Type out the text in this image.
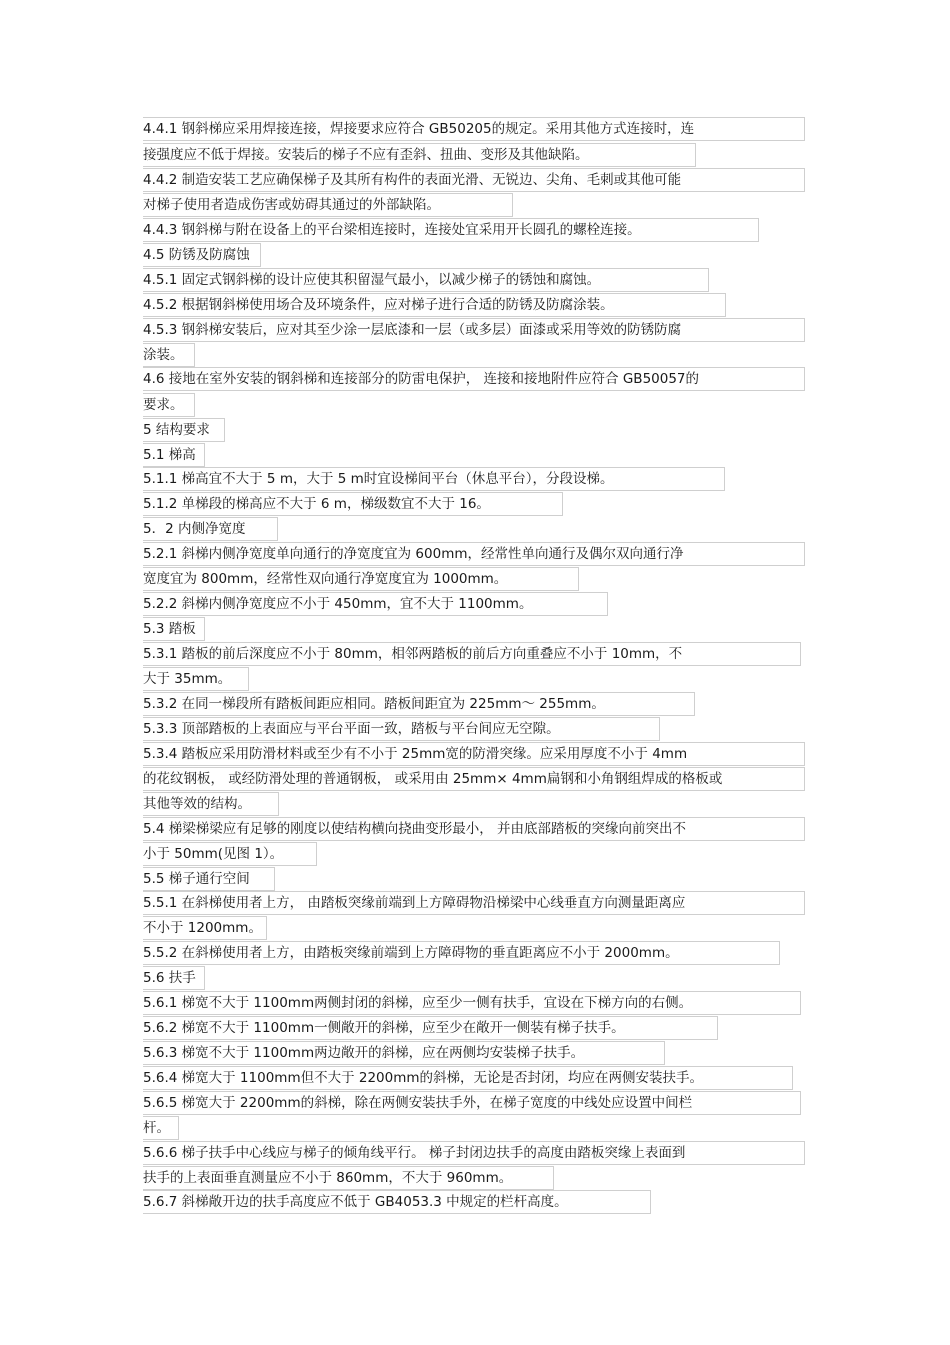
4.4.1 钢斜梯应采用焊接连接，焊接要求应符合 GB50205的规定。采用其他方式连接时，连
接强度应不低于焊接。安装后的梯子不应有歪斜、扭曲、变形及其他缺陷。
4.4.2 制造安装工艺应确保梯子及其所有构件的表面光滑、无锐边、尖角、毛刺或其他可能
对梯子使用者造成伤害或妨碍其通过的外部缺陷。
4.4.3 钢斜梯与附在设备上的平台梁相连接时，连接处宜采用开长圆孔的螺栓连接。
4.5 防锈及防腐蚀
4.5.1 固定式钢斜梯的设计应使其积留湿气最小，以减少梯子的锈蚀和腐蚀。
4.5.2 根据钢斜梯使用场合及环境条件，应对梯子进行合适的防锈及防腐涂装。
4.5.3 钢斜梯安装后，应对其至少涂一层底漆和一层（或多层）面漆或采用等效的防锈防腐
涂装。
4.6 接地在室外安装的钢斜梯和连接部分的防雷电保护， 连接和接地附件应符合 GB50057的
要求。
5 结构要求
5.1 梯高
5.1.1 梯高宜不大于 5 m，大于 5 m时宜设梯间平台（休息平台），分段设梯。
5.1.2 单梯段的梯高应不大于 6 m，梯级数宜不大于 16。
5．2 内侧净宽度
5.2.1 斜梯内侧净宽度单向通行的净宽度宜为 600mm，经常性单向通行及偶尔双向通行净
宽度宜为 800mm，经常性双向通行净宽度宜为 1000mm。
5.2.2 斜梯内侧净宽度应不小于 450mm，宜不大于 1100mm。
5.3 踏板
5.3.1 踏板的前后深度应不小于 80mm，相邻两踏板的前后方向重叠应不小于 10mm，不
大于 35mm。
5.3.2 在同一梯段所有踏板间距应相同。踏板间距宜为 225mm～ 255mm。
5.3.3 顶部踏板的上表面应与平台平面一致，踏板与平台间应无空隙。
5.3.4 踏板应采用防滑材料或至少有不小于 25mm宽的防滑突缘。应采用厚度不小于 4mm
的花纹钢板， 或经防滑处理的普通钢板， 或采用由 25mm× 4mm扁钢和小角钢组焊成的格板或
其他等效的结构。
5.4 梯梁梯梁应有足够的刚度以使结构横向挠曲变形最小， 并由底部踏板的突缘向前突出不
小于 50mm(见图 1）。
5.5 梯子通行空间
5.5.1 在斜梯使用者上方， 由踏板突缘前端到上方障碍物沿梯梁中心线垂直方向测量距离应
不小于 1200mm。
5.5.2 在斜梯使用者上方，由踏板突缘前端到上方障碍物的垂直距离应不小于 2000mm。
5.6 扶手
5.6.1 梯宽不大于 1100mm两侧封闭的斜梯，应至少一侧有扶手，宜设在下梯方向的右侧。
5.6.2 梯宽不大于 1100mm一侧敞开的斜梯，应至少在敞开一侧装有梯子扶手。
5.6.3 梯宽不大于 1100mm两边敞开的斜梯，应在两侧均安装梯子扶手。
5.6.4 梯宽大于 1100mm但不大于 2200mm的斜梯，无论是否封闭，均应在两侧安装扶手。
5.6.5 梯宽大于 2200mm的斜梯，除在两侧安装扶手外，在梯子宽度的中线处应设置中间栏
杆。
5.6.6 梯子扶手中心线应与梯子的倾角线平行。 梯子封闭边扶手的高度由踏板突缘上表面到
扶手的上表面垂直测量应不小于 860mm，不大于 960mm。
5.6.7 斜梯敞开边的扶手高度应不低于 GB4053.3 中规定的栏杆高度。
